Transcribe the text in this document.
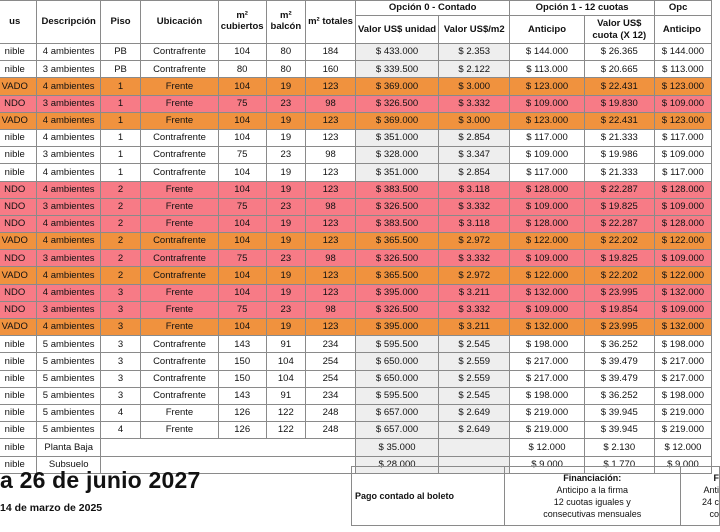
us	Descripción	Piso	Ubicación	m² cubiertos	m² balcón	m² totales	Opción 0 - Contado		Opción 1 - 12 cuotas		Opc
							Valor US$ unidad	Valor US$/m2	Anticipo	Valor US$ cuota (X 12)	Anticipo
nible	4 ambientes	PB	Contrafrente	104	80	184	$ 433.000	$ 2.353	$ 144.000	$ 26.365	$ 144.000
nible	3 ambientes	PB	Contrafrente	80	80	160	$ 339.500	$ 2.122	$ 113.000	$ 20.665	$ 113.000
VADO	4 ambientes	1	Frente	104	19	123	$ 369.000	$ 3.000	$ 123.000	$ 22.431	$ 123.000
NDO	3 ambientes	1	Frente	75	23	98	$ 326.500	$ 3.332	$ 109.000	$ 19.830	$ 109.000
VADO	4 ambientes	1	Frente	104	19	123	$ 369.000	$ 3.000	$ 123.000	$ 22.431	$ 123.000
nible	4 ambientes	1	Contrafrente	104	19	123	$ 351.000	$ 2.854	$ 117.000	$ 21.333	$ 117.000
nible	3 ambientes	1	Contrafrente	75	23	98	$ 328.000	$ 3.347	$ 109.000	$ 19.986	$ 109.000
nible	4 ambientes	1	Contrafrente	104	19	123	$ 351.000	$ 2.854	$ 117.000	$ 21.333	$ 117.000
NDO	4 ambientes	2	Frente	104	19	123	$ 383.500	$ 3.118	$ 128.000	$ 22.287	$ 128.000
NDO	3 ambientes	2	Frente	75	23	98	$ 326.500	$ 3.332	$ 109.000	$ 19.825	$ 109.000
NDO	4 ambientes	2	Frente	104	19	123	$ 383.500	$ 3.118	$ 128.000	$ 22.287	$ 128.000
VADO	4 ambientes	2	Contrafrente	104	19	123	$ 365.500	$ 2.972	$ 122.000	$ 22.202	$ 122.000
NDO	3 ambientes	2	Contrafrente	75	23	98	$ 326.500	$ 3.332	$ 109.000	$ 19.825	$ 109.000
VADO	4 ambientes	2	Contrafrente	104	19	123	$ 365.500	$ 2.972	$ 122.000	$ 22.202	$ 122.000
NDO	4 ambientes	3	Frente	104	19	123	$ 395.000	$ 3.211	$ 132.000	$ 23.995	$ 132.000
NDO	3 ambientes	3	Frente	75	23	98	$ 326.500	$ 3.332	$ 109.000	$ 19.854	$ 109.000
VADO	4 ambientes	3	Frente	104	19	123	$ 395.000	$ 3.211	$ 132.000	$ 23.995	$ 132.000
nible	5 ambientes	3	Contrafrente	143	91	234	$ 595.500	$ 2.545	$ 198.000	$ 36.252	$ 198.000
nible	5 ambientes	3	Contrafrente	150	104	254	$ 650.000	$ 2.559	$ 217.000	$ 39.479	$ 217.000
nible	5 ambientes	3	Contrafrente	150	104	254	$ 650.000	$ 2.559	$ 217.000	$ 39.479	$ 217.000
nible	5 ambientes	3	Contrafrente	143	91	234	$ 595.500	$ 2.545	$ 198.000	$ 36.252	$ 198.000
nible	5 ambientes	4	Frente	126	122	248	$ 657.000	$ 2.649	$ 219.000	$ 39.945	$ 219.000
nible	5 ambientes	4	Frente	126	122	248	$ 657.000	$ 2.649	$ 219.000	$ 39.945	$ 219.000
nible	Planta Baja						$ 35.000		$ 12.000	$ 2.130	$ 12.000
nible	Subsuelo						$ 28.000		$ 9.000	$ 1.770	$ 9.000
a 26 de junio 2027
14 de marzo de 2025
Pago contado al boleto	
Financiación:
Anticipo a la firma
12 cuotas iguales y
consecutivas mensuales

F
Anti
24 c
co
